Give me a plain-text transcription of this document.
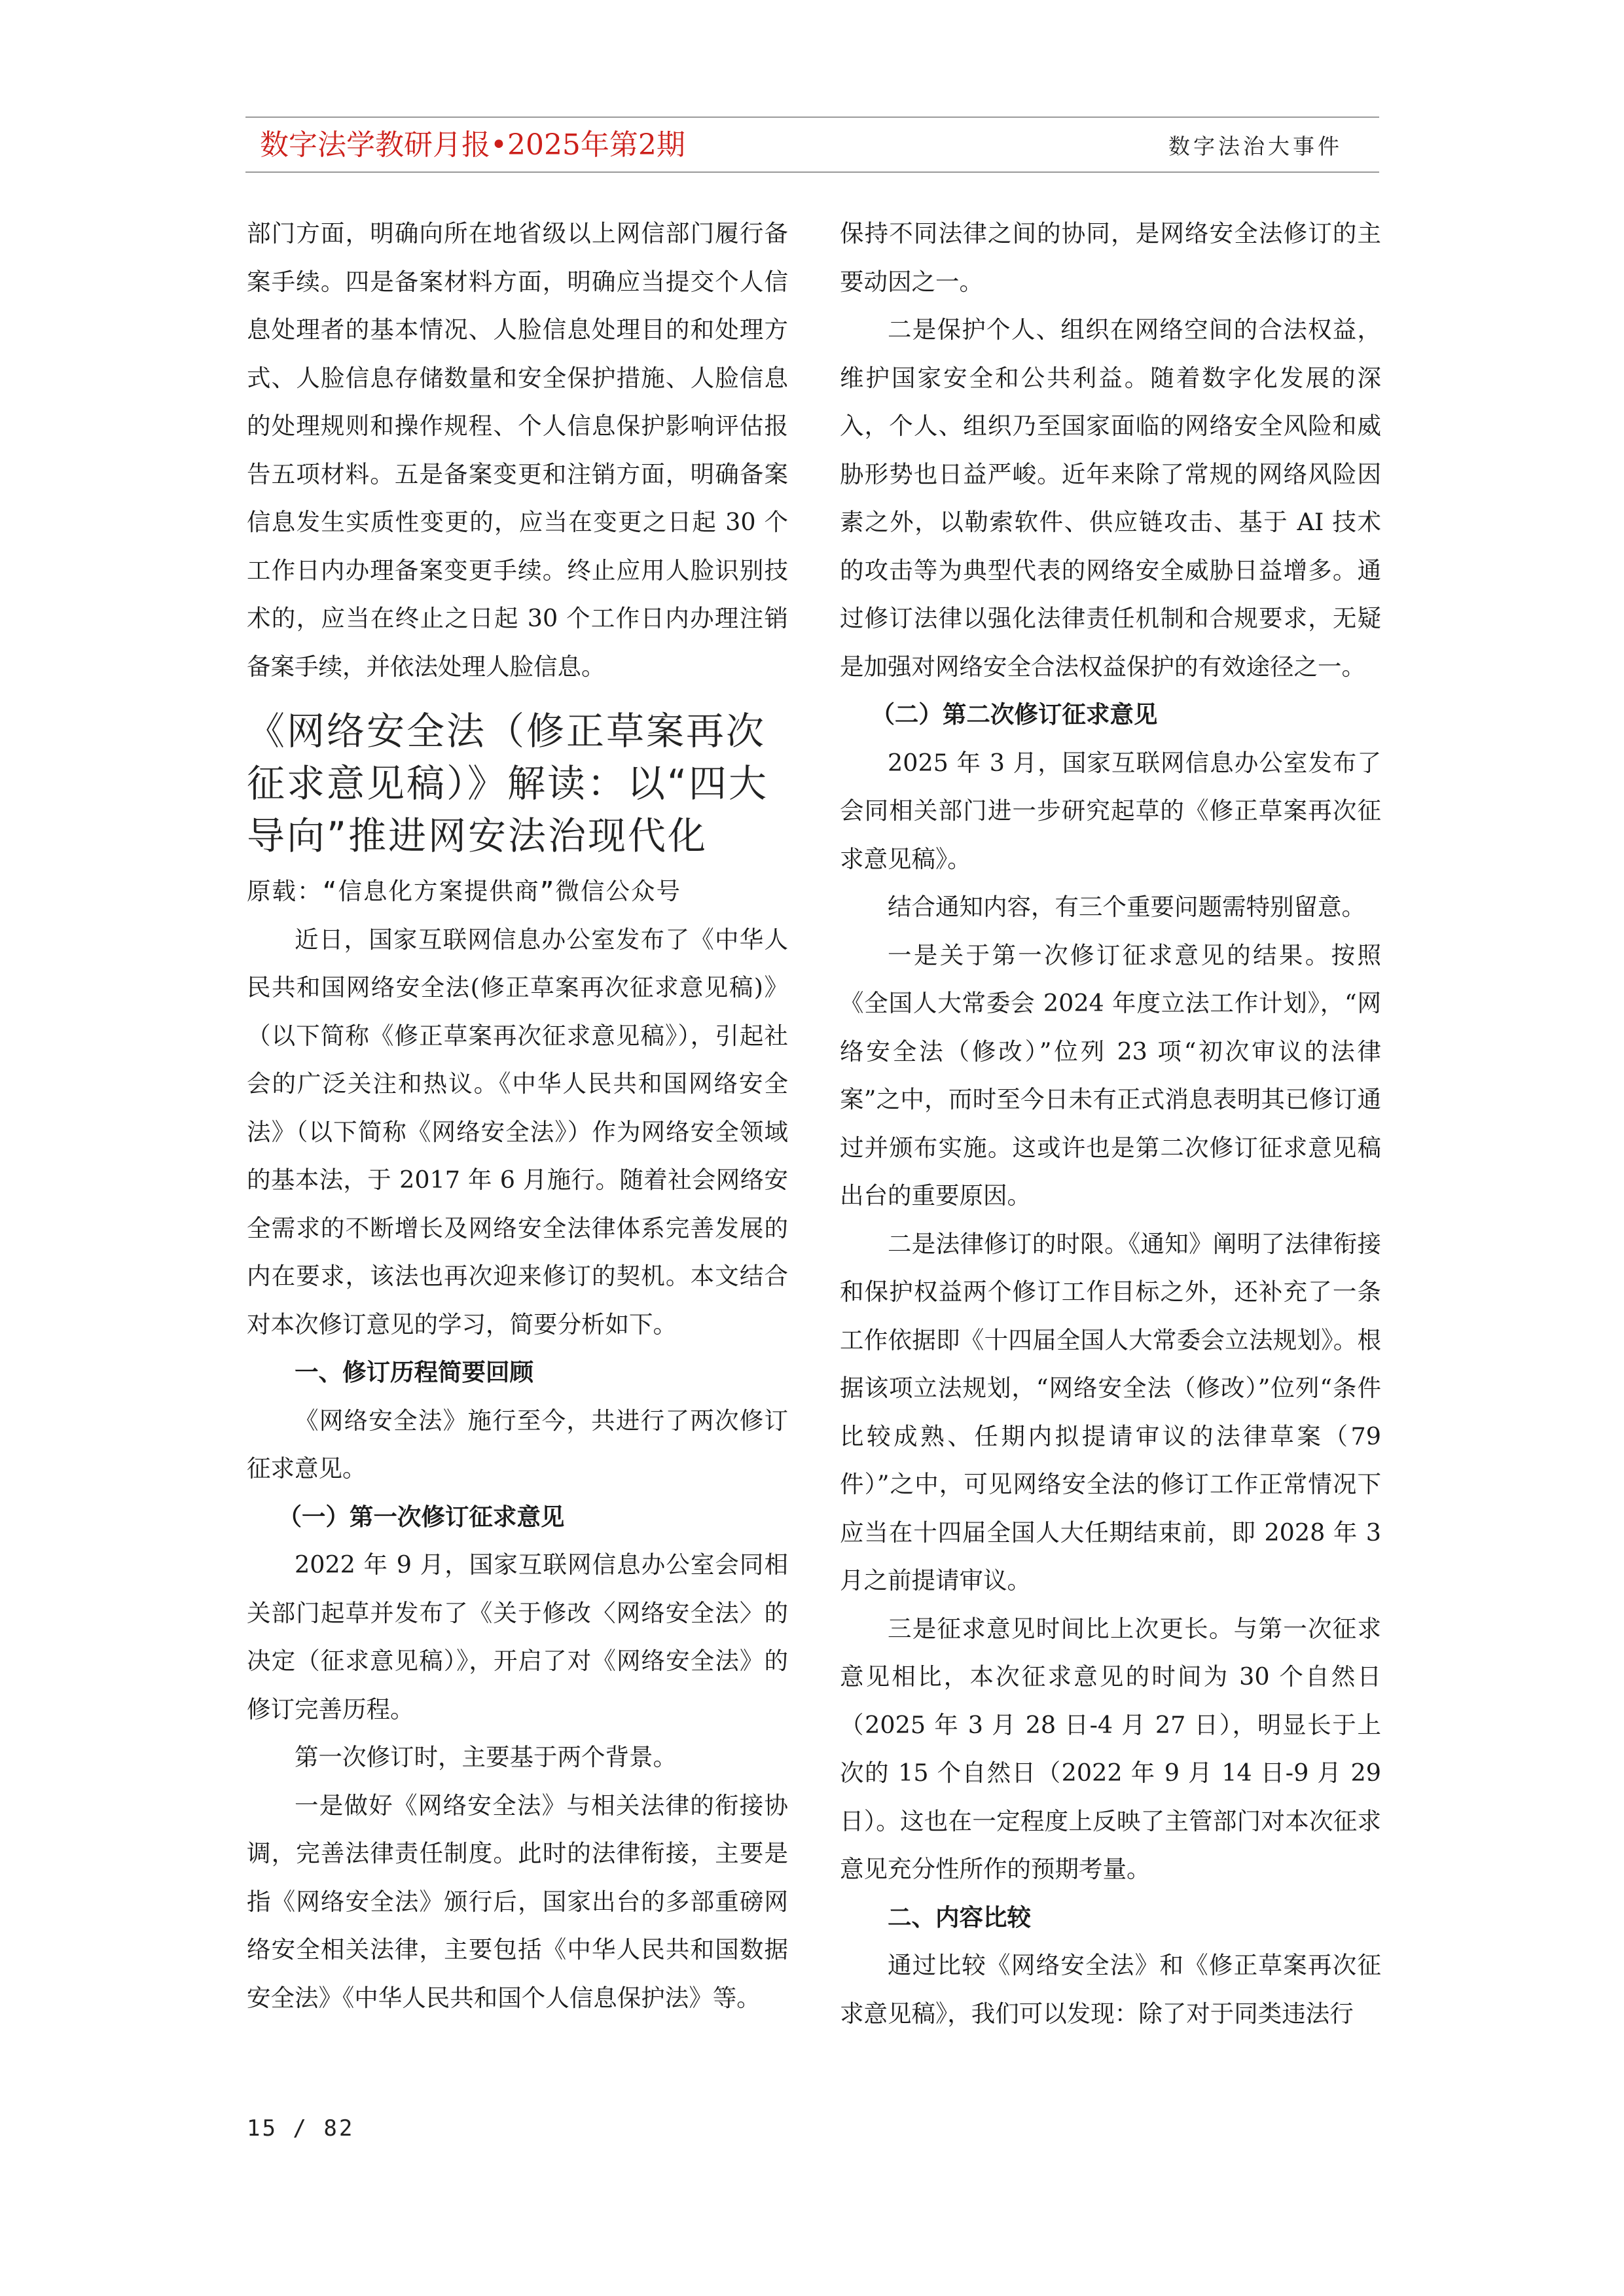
数字法学教研月报•2025年第2期	数字法治大事件

部门方面，明确向所在地省级以上网信部门履行备案手续。四是备案材料方面，明确应当提交个人信息处理者的基本情况、人脸信息处理目的和处理方式、人脸信息存储数量和安全保护措施、人脸信息的处理规则和操作规程、个人信息保护影响评估报告五项材料。五是备案变更和注销方面，明确备案信息发生实质性变更的，应当在变更之日起 30 个工作日内办理备案变更手续。终止应用人脸识别技术的，应当在终止之日起 30 个工作日内办理注销备案手续，并依法处理人脸信息。

《网络安全法（修正草案再次征求意见稿）》解读：以“四大导向”推进网安法治现代化

原载：“信息化方案提供商”微信公众号

近日，国家互联网信息办公室发布了《中华人民共和国网络安全法(修正草案再次征求意见稿)》（以下简称《修正草案再次征求意见稿》），引起社会的广泛关注和热议。《中华人民共和国网络安全法》（以下简称《网络安全法》）作为网络安全领域的基本法，于 2017 年 6 月施行。随着社会网络安全需求的不断增长及网络安全法律体系完善发展的内在要求，该法也再次迎来修订的契机。本文结合对本次修订意见的学习，简要分析如下。

一、修订历程简要回顾

《网络安全法》施行至今，共进行了两次修订征求意见。

（一）第一次修订征求意见

2022 年 9 月，国家互联网信息办公室会同相关部门起草并发布了《关于修改〈网络安全法〉的决定（征求意见稿）》，开启了对《网络安全法》的修订完善历程。

第一次修订时，主要基于两个背景。

一是做好《网络安全法》与相关法律的衔接协调，完善法律责任制度。此时的法律衔接，主要是指《网络安全法》颁行后，国家出台的多部重磅网络安全相关法律，主要包括《中华人民共和国数据安全法》《中华人民共和国个人信息保护法》等。

保持不同法律之间的协同，是网络安全法修订的主要动因之一。

二是保护个人、组织在网络空间的合法权益，维护国家安全和公共利益。随着数字化发展的深入，个人、组织乃至国家面临的网络安全风险和威胁形势也日益严峻。近年来除了常规的网络风险因素之外，以勒索软件、供应链攻击、基于 AI 技术的攻击等为典型代表的网络安全威胁日益增多。通过修订法律以强化法律责任机制和合规要求，无疑是加强对网络安全合法权益保护的有效途径之一。

（二）第二次修订征求意见

2025 年 3 月，国家互联网信息办公室发布了会同相关部门进一步研究起草的《修正草案再次征求意见稿》。

结合通知内容，有三个重要问题需特别留意。

一是关于第一次修订征求意见的结果。按照《全国人大常委会 2024 年度立法工作计划》，“网络安全法（修改）”位列 23 项“初次审议的法律案”之中，而时至今日未有正式消息表明其已修订通过并颁布实施。这或许也是第二次修订征求意见稿出台的重要原因。

二是法律修订的时限。《通知》阐明了法律衔接和保护权益两个修订工作目标之外，还补充了一条工作依据即《十四届全国人大常委会立法规划》。根据该项立法规划，“网络安全法（修改）”位列“条件比较成熟、任期内拟提请审议的法律草案（79 件）”之中，可见网络安全法的修订工作正常情况下应当在十四届全国人大任期结束前，即 2028 年 3 月之前提请审议。

三是征求意见时间比上次更长。与第一次征求意见相比，本次征求意见的时间为 30 个自然日（2025 年 3 月 28 日-4 月 27 日），明显长于上次的 15 个自然日（2022 年 9 月 14 日-9 月 29 日）。这也在一定程度上反映了主管部门对本次征求意见充分性所作的预期考量。

二、内容比较

通过比较《网络安全法》和《修正草案再次征求意见稿》，我们可以发现：除了对于同类违法行

15 / 82
